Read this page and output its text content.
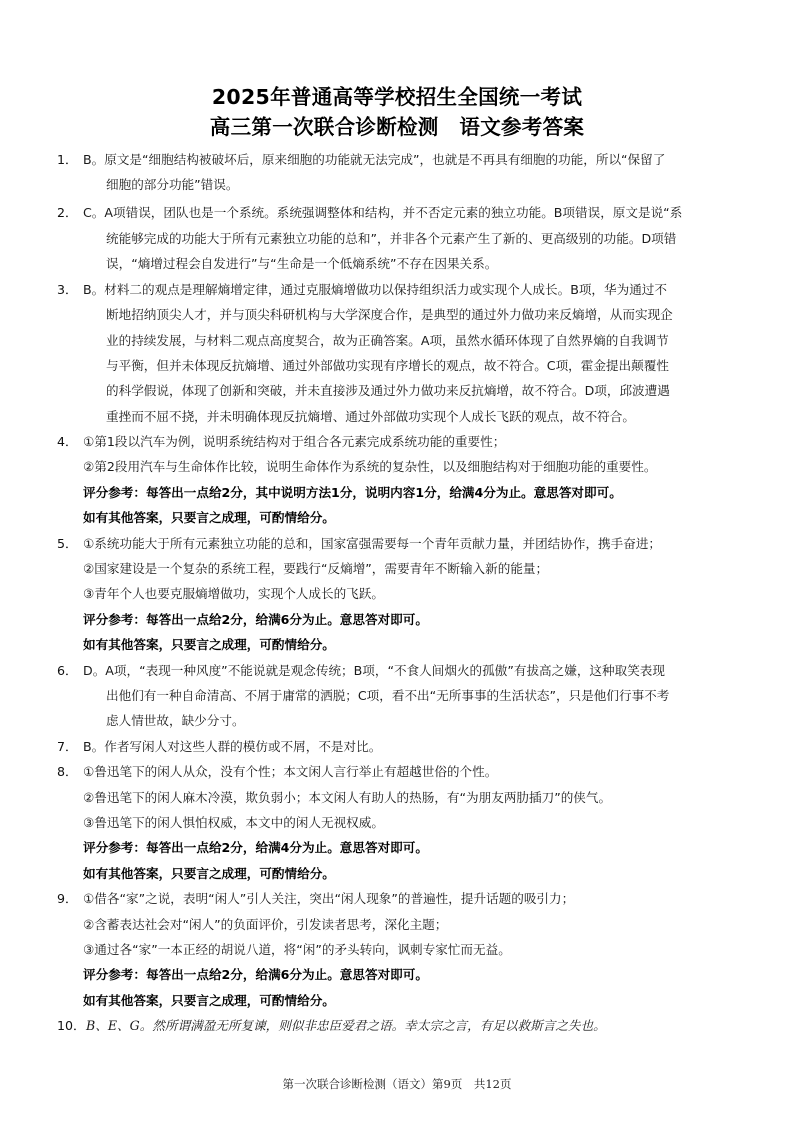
2025年普通高等学校招生全国统一考试
高三第一次联合诊断检测　语文参考答案
1． B。原文是“细胞结构被破坏后，原来细胞的功能就无法完成”，也就是不再具有细胞的功能，所以“保留了
细胞的部分功能”错误。
2． C。A项错误，团队也是一个系统。系统强调整体和结构，并不否定元素的独立功能。B项错误，原文是说“系
统能够完成的功能大于所有元素独立功能的总和”，并非各个元素产生了新的、更高级别的功能。D项错
误，“熵增过程会自发进行”与“生命是一个低熵系统”不存在因果关系。
3． B。材料二的观点是理解熵增定律，通过克服熵增做功以保持组织活力或实现个人成长。B项，华为通过不
断地招纳顶尖人才，并与顶尖科研机构与大学深度合作，是典型的通过外力做功来反熵增，从而实现企
业的持续发展，与材料二观点高度契合，故为正确答案。A项，虽然水循环体现了自然界熵的自我调节
与平衡，但并未体现反抗熵增、通过外部做功实现有序增长的观点，故不符合。C项，霍金提出颠覆性
的科学假说，体现了创新和突破，并未直接涉及通过外力做功来反抗熵增，故不符合。D项，邱波遭遇
重挫而不屈不挠，并未明确体现反抗熵增、通过外部做功实现个人成长飞跃的观点，故不符合。
4． ①第1段以汽车为例，说明系统结构对于组合各元素完成系统功能的重要性；
②第2段用汽车与生命体作比较，说明生命体作为系统的复杂性，以及细胞结构对于细胞功能的重要性。
评分参考：每答出一点给2分，其中说明方法1分，说明内容1分，给满4分为止。意思答对即可。
如有其他答案，只要言之成理，可酌情给分。
5． ①系统功能大于所有元素独立功能的总和，国家富强需要每一个青年贡献力量，并团结协作，携手奋进；
②国家建设是一个复杂的系统工程，要践行“反熵增”，需要青年不断输入新的能量；
③青年个人也要克服熵增做功，实现个人成长的飞跃。
评分参考：每答出一点给2分，给满6分为止。意思答对即可。
如有其他答案，只要言之成理，可酌情给分。
6． D。A项，“表现一种风度”不能说就是观念传统；B项，“不食人间烟火的孤傲”有拔高之嫌，这种取笑表现
出他们有一种自命清高、不屑于庸常的洒脱；C项，看不出“无所事事的生活状态”，只是他们行事不考
虑人情世故，缺少分寸。
7． B。作者写闲人对这些人群的模仿或不屑，不是对比。
8． ①鲁迅笔下的闲人从众，没有个性；本文闲人言行举止有超越世俗的个性。
②鲁迅笔下的闲人麻木冷漠，欺负弱小；本文闲人有助人的热肠，有“为朋友两肋插刀”的侠气。
③鲁迅笔下的闲人惧怕权威，本文中的闲人无视权威。
评分参考：每答出一点给2分，给满4分为止。意思答对即可。
如有其他答案，只要言之成理，可酌情给分。
9． ①借各“家”之说，表明“闲人”引人关注，突出“闲人现象”的普遍性，提升话题的吸引力；
②含蓄表达社会对“闲人”的负面评价，引发读者思考，深化主题；
③通过各“家”一本正经的胡说八道，将“闲”的矛头转向，讽刺专家忙而无益。
评分参考：每答出一点给2分，给满6分为止。意思答对即可。
如有其他答案，只要言之成理，可酌情给分。
10． B、E、G。然所谓满盈无所复谏，则似非忠臣爱君之语。幸太宗之言，有足以救斯言之失也。
第一次联合诊断检测（语文）第9页　共12页
